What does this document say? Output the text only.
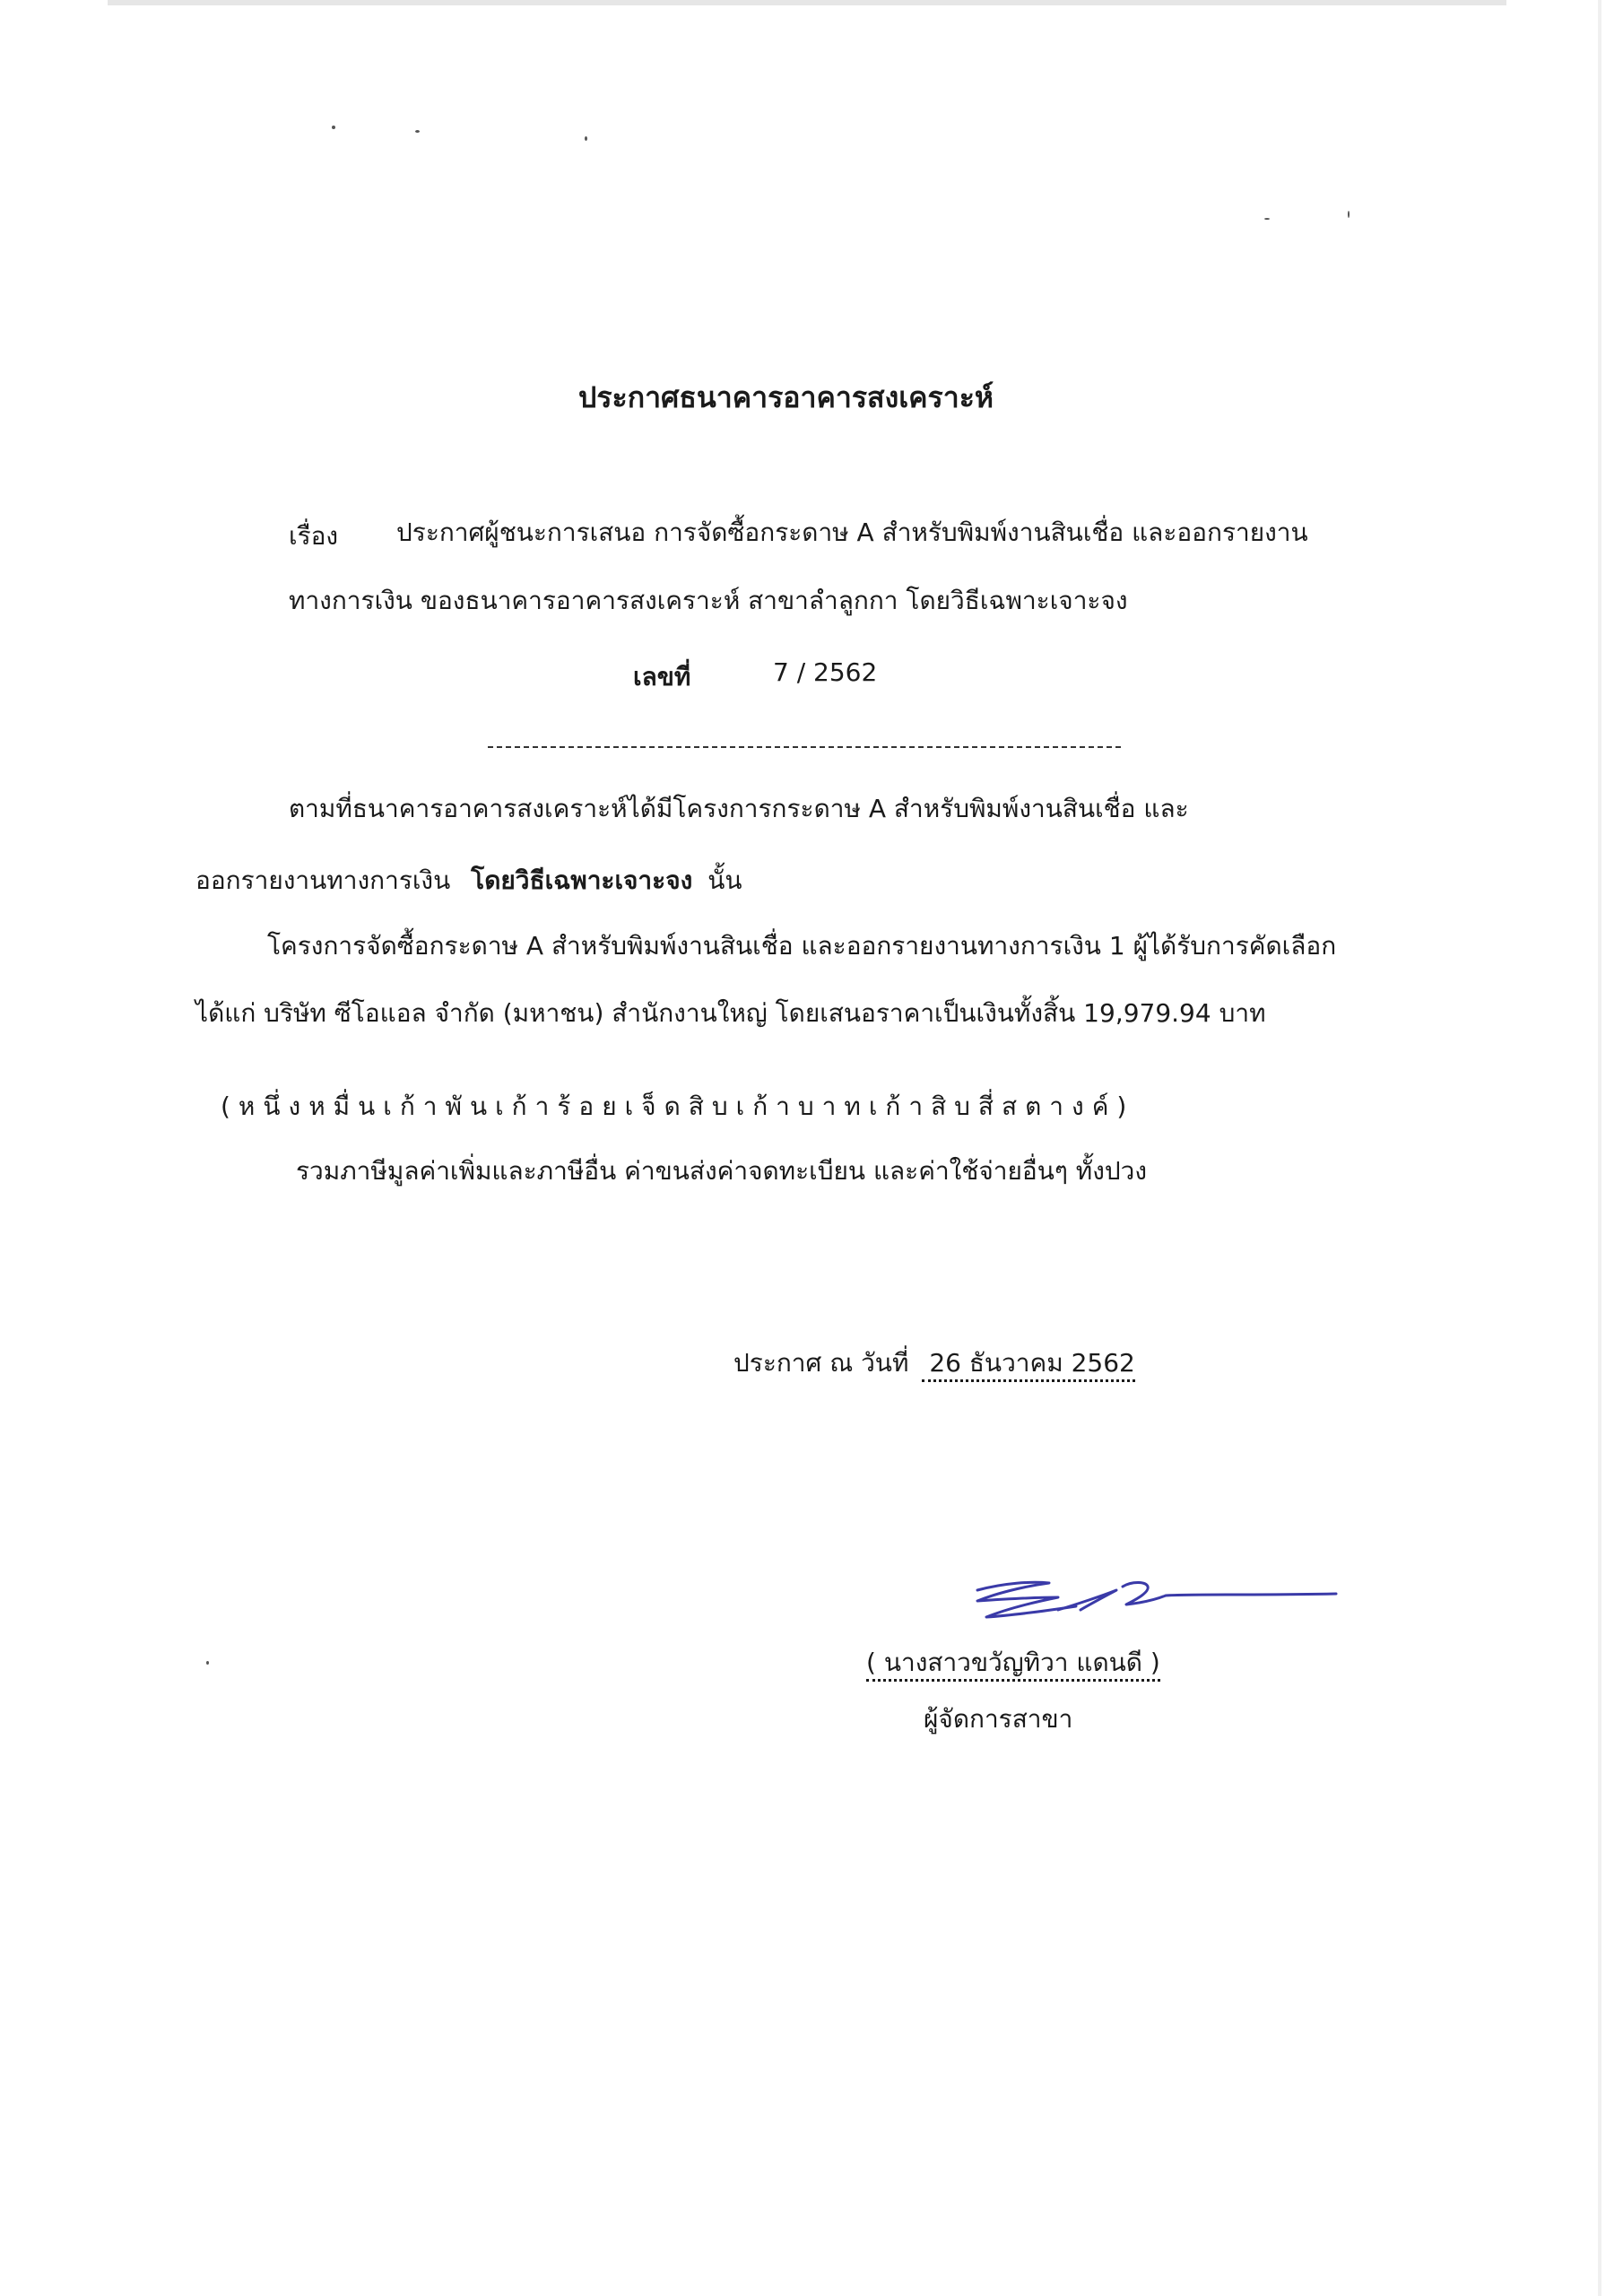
ประกาศธนาคารอาคารสงเคราะห์
เรื่อง ประกาศผู้ชนะการเสนอ การจัดซื้อกระดาษ A สำหรับพิมพ์งานสินเชื่อ และออกรายงาน
ทางการเงิน ของธนาคารอาคารสงเคราะห์ สาขาลำลูกกา โดยวิธีเฉพาะเจาะจง
เลขที่	7 / 2562
ตามที่ธนาคารอาคารสงเคราะห์ได้มีโครงการกระดาษ A สำหรับพิมพ์งานสินเชื่อ และ
ออกรายงานทางการเงิน โดยวิธีเฉพาะเจาะจง นั้น
โครงการจัดซื้อกระดาษ A สำหรับพิมพ์งานสินเชื่อ และออกรายงานทางการเงิน 1 ผู้ได้รับการคัดเลือก
ได้แก่ บริษัท ซีโอแอล จำกัด (มหาชน) สำนักงานใหญ่ โดยเสนอราคาเป็นเงินทั้งสิ้น 19,979.94 บาท
(หนึ่งหมื่นเก้าพันเก้าร้อยเจ็ดสิบเก้าบาทเก้าสิบสี่สตางค์)
รวมภาษีมูลค่าเพิ่มและภาษีอื่น ค่าขนส่งค่าจดทะเบียน และค่าใช้จ่ายอื่นๆ ทั้งปวง
ประกาศ ณ วันที่ 26 ธันวาคม 2562
( นางสาวขวัญทิวา แดนดี )
ผู้จัดการสาขา
